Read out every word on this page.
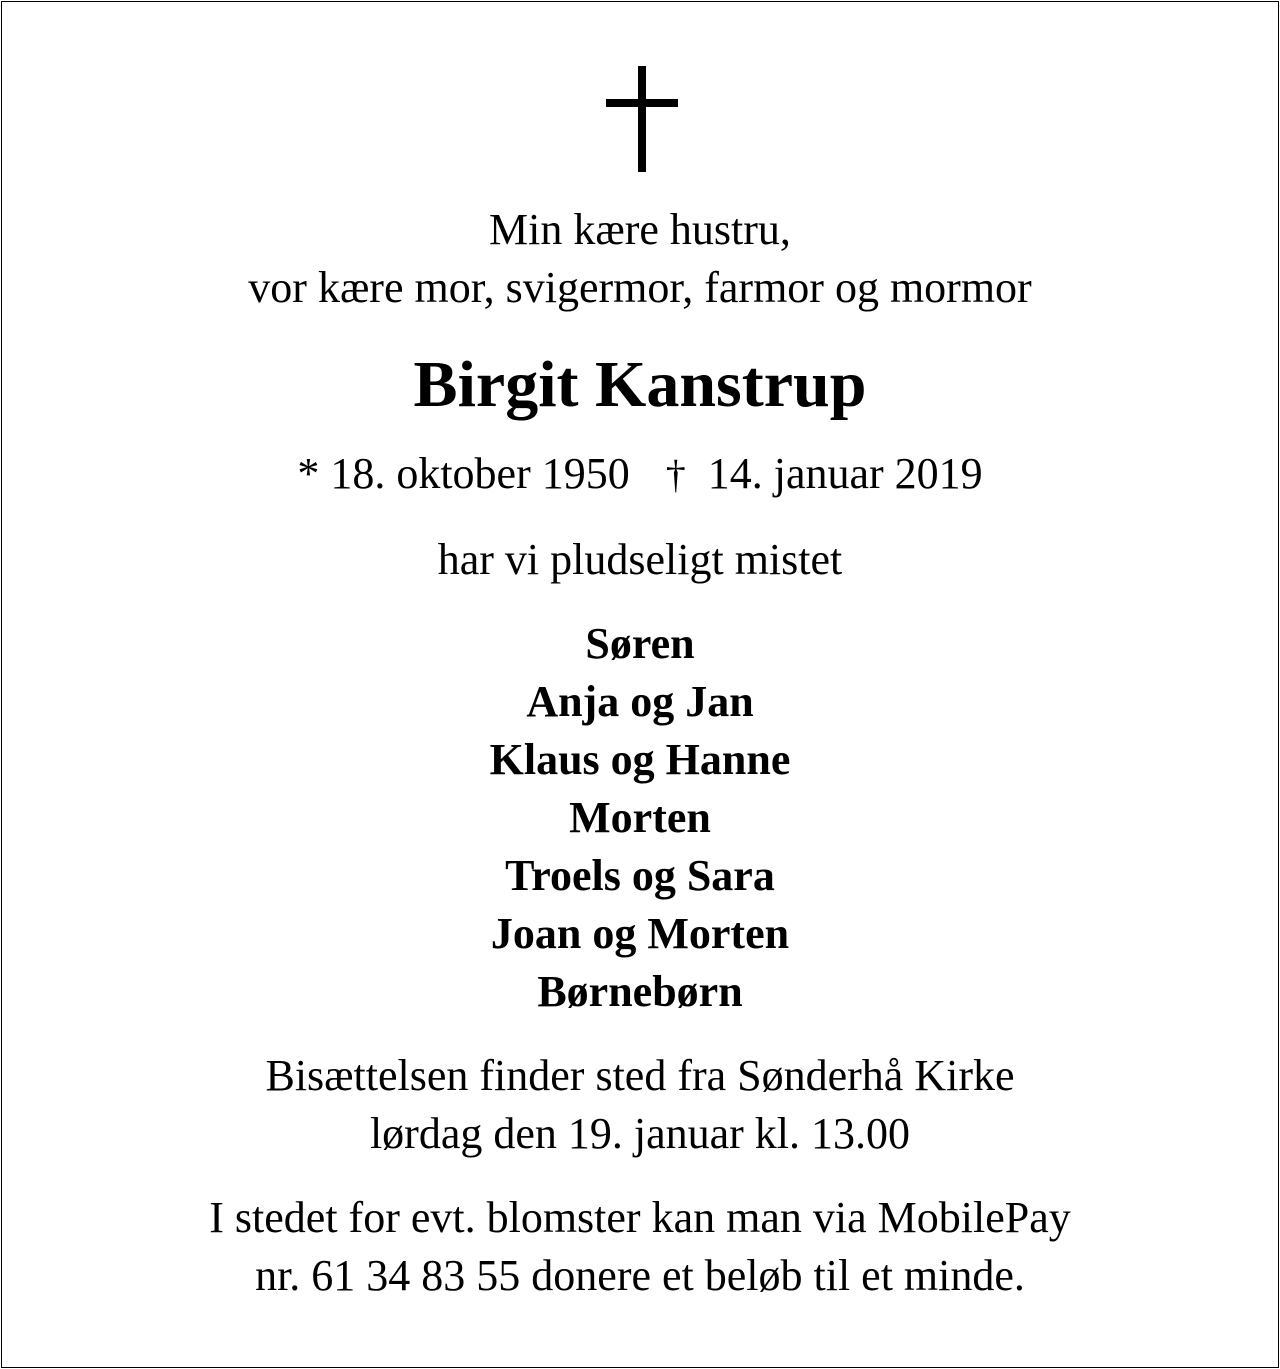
Min kære hustru,
vor kære mor, svigermor, farmor og mormor
Birgit Kanstrup
* 18. oktober 1950 † 14. januar 2019
har vi pludseligt mistet
Søren
Anja og Jan
Klaus og Hanne
Morten
Troels og Sara
Joan og Morten
Børnebørn
Bisættelsen finder sted fra Sønderhå Kirke
lørdag den 19. januar kl. 13.00
I stedet for evt. blomster kan man via MobilePay
nr. 61 34 83 55 donere et beløb til et minde.
